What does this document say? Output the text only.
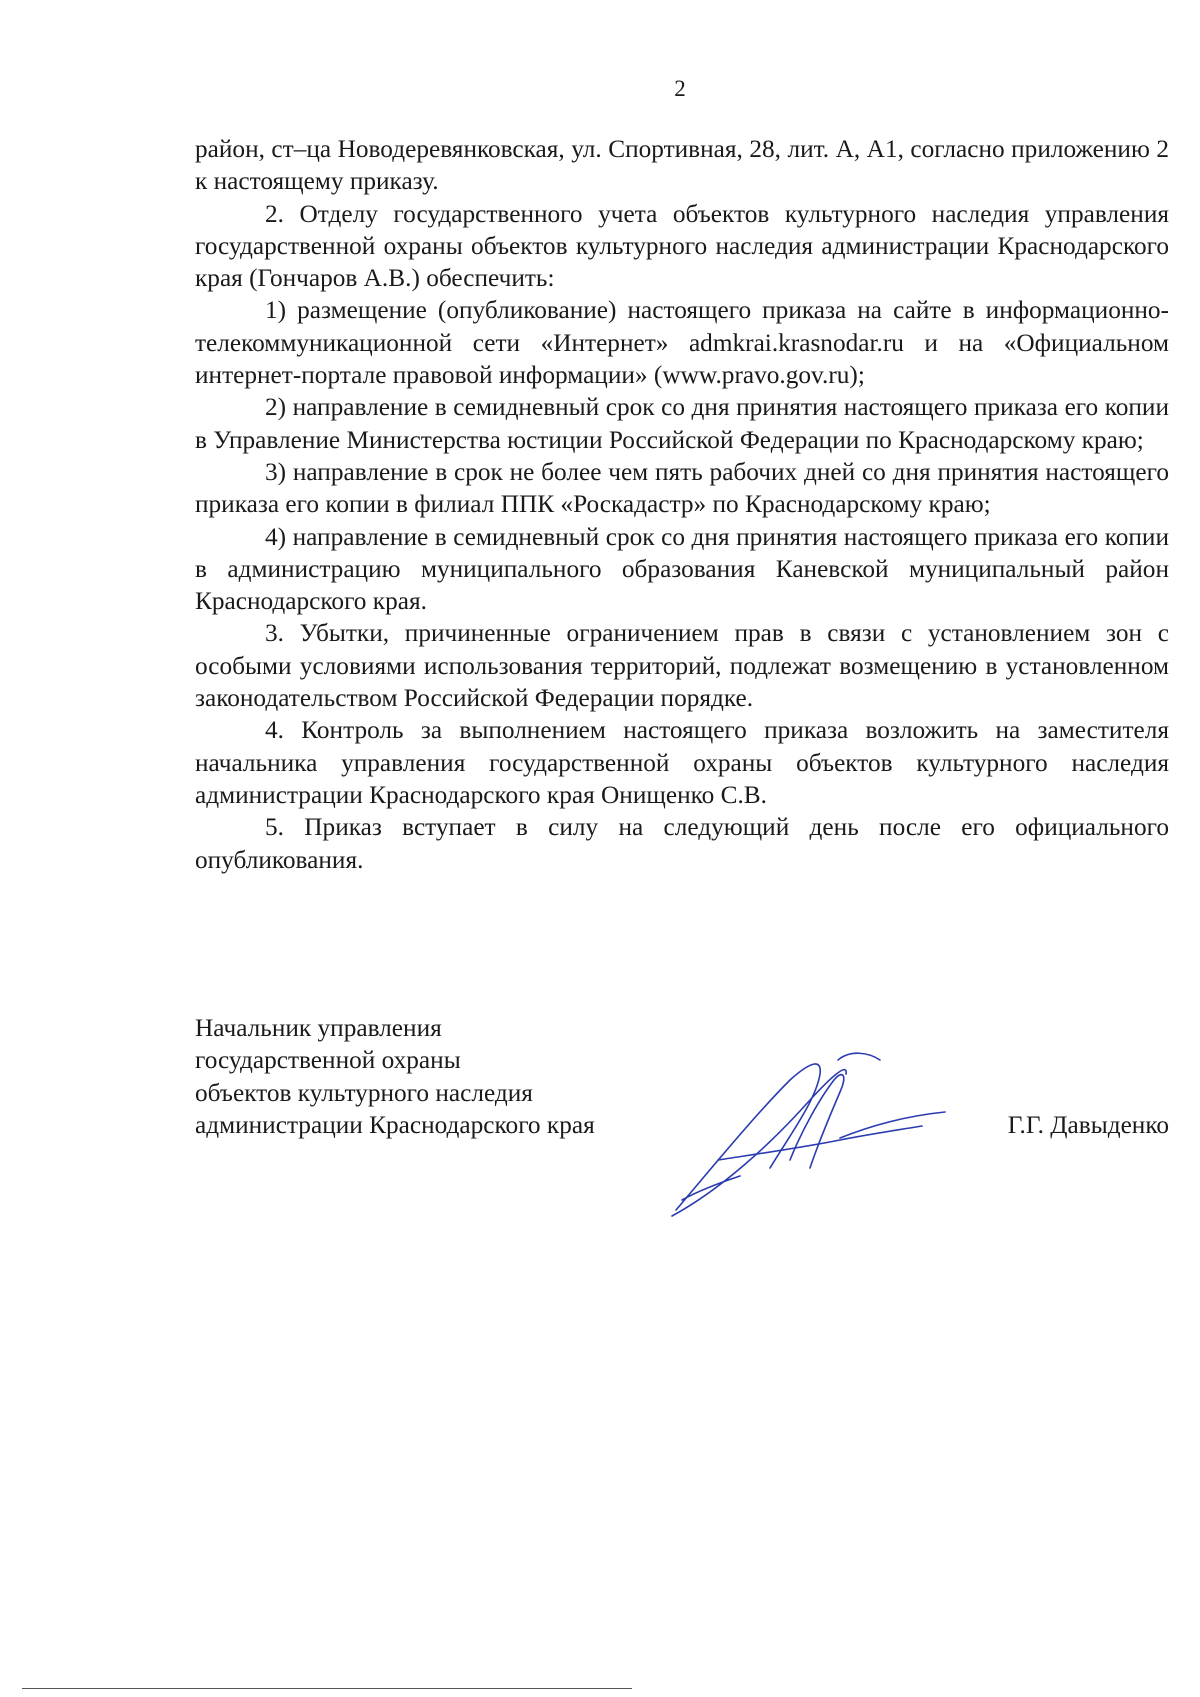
2

район, ст–ца Новодеревянковская, ул. Спортивная, 28, лит. А, А1, согласно приложению 2 к настоящему приказу.

2. Отделу государственного учета объектов культурного наследия управления государственной охраны объектов культурного наследия администрации Краснодарского края (Гончаров А.В.) обеспечить:

1) размещение (опубликование) настоящего приказа на сайте в информационно-телекоммуникационной сети «Интернет» admkrai.krasnodar.ru и на «Официальном интернет-портале правовой информации» (www.pravo.gov.ru);

2) направление в семидневный срок со дня принятия настоящего приказа его копии в Управление Министерства юстиции Российской Федерации по Краснодарскому краю;

3) направление в срок не более чем пять рабочих дней со дня принятия настоящего приказа его копии в филиал ППК «Роскадастр» по Краснодарскому краю;

4) направление в семидневный срок со дня принятия настоящего приказа его копии в администрацию муниципального образования Каневской муниципальный район Краснодарского края.

3. Убытки, причиненные ограничением прав в связи с установлением зон с особыми условиями использования территорий, подлежат возмещению в установленном законодательством Российской Федерации порядке.

4. Контроль за выполнением настоящего приказа возложить на заместителя начальника управления государственной охраны объектов культурного наследия администрации Краснодарского края Онищенко С.В.

5. Приказ вступает в силу на следующий день после его официального опубликования.

Начальник управления
государственной охраны
объектов культурного наследия
администрации Краснодарского края	Г.Г. Давыденко
